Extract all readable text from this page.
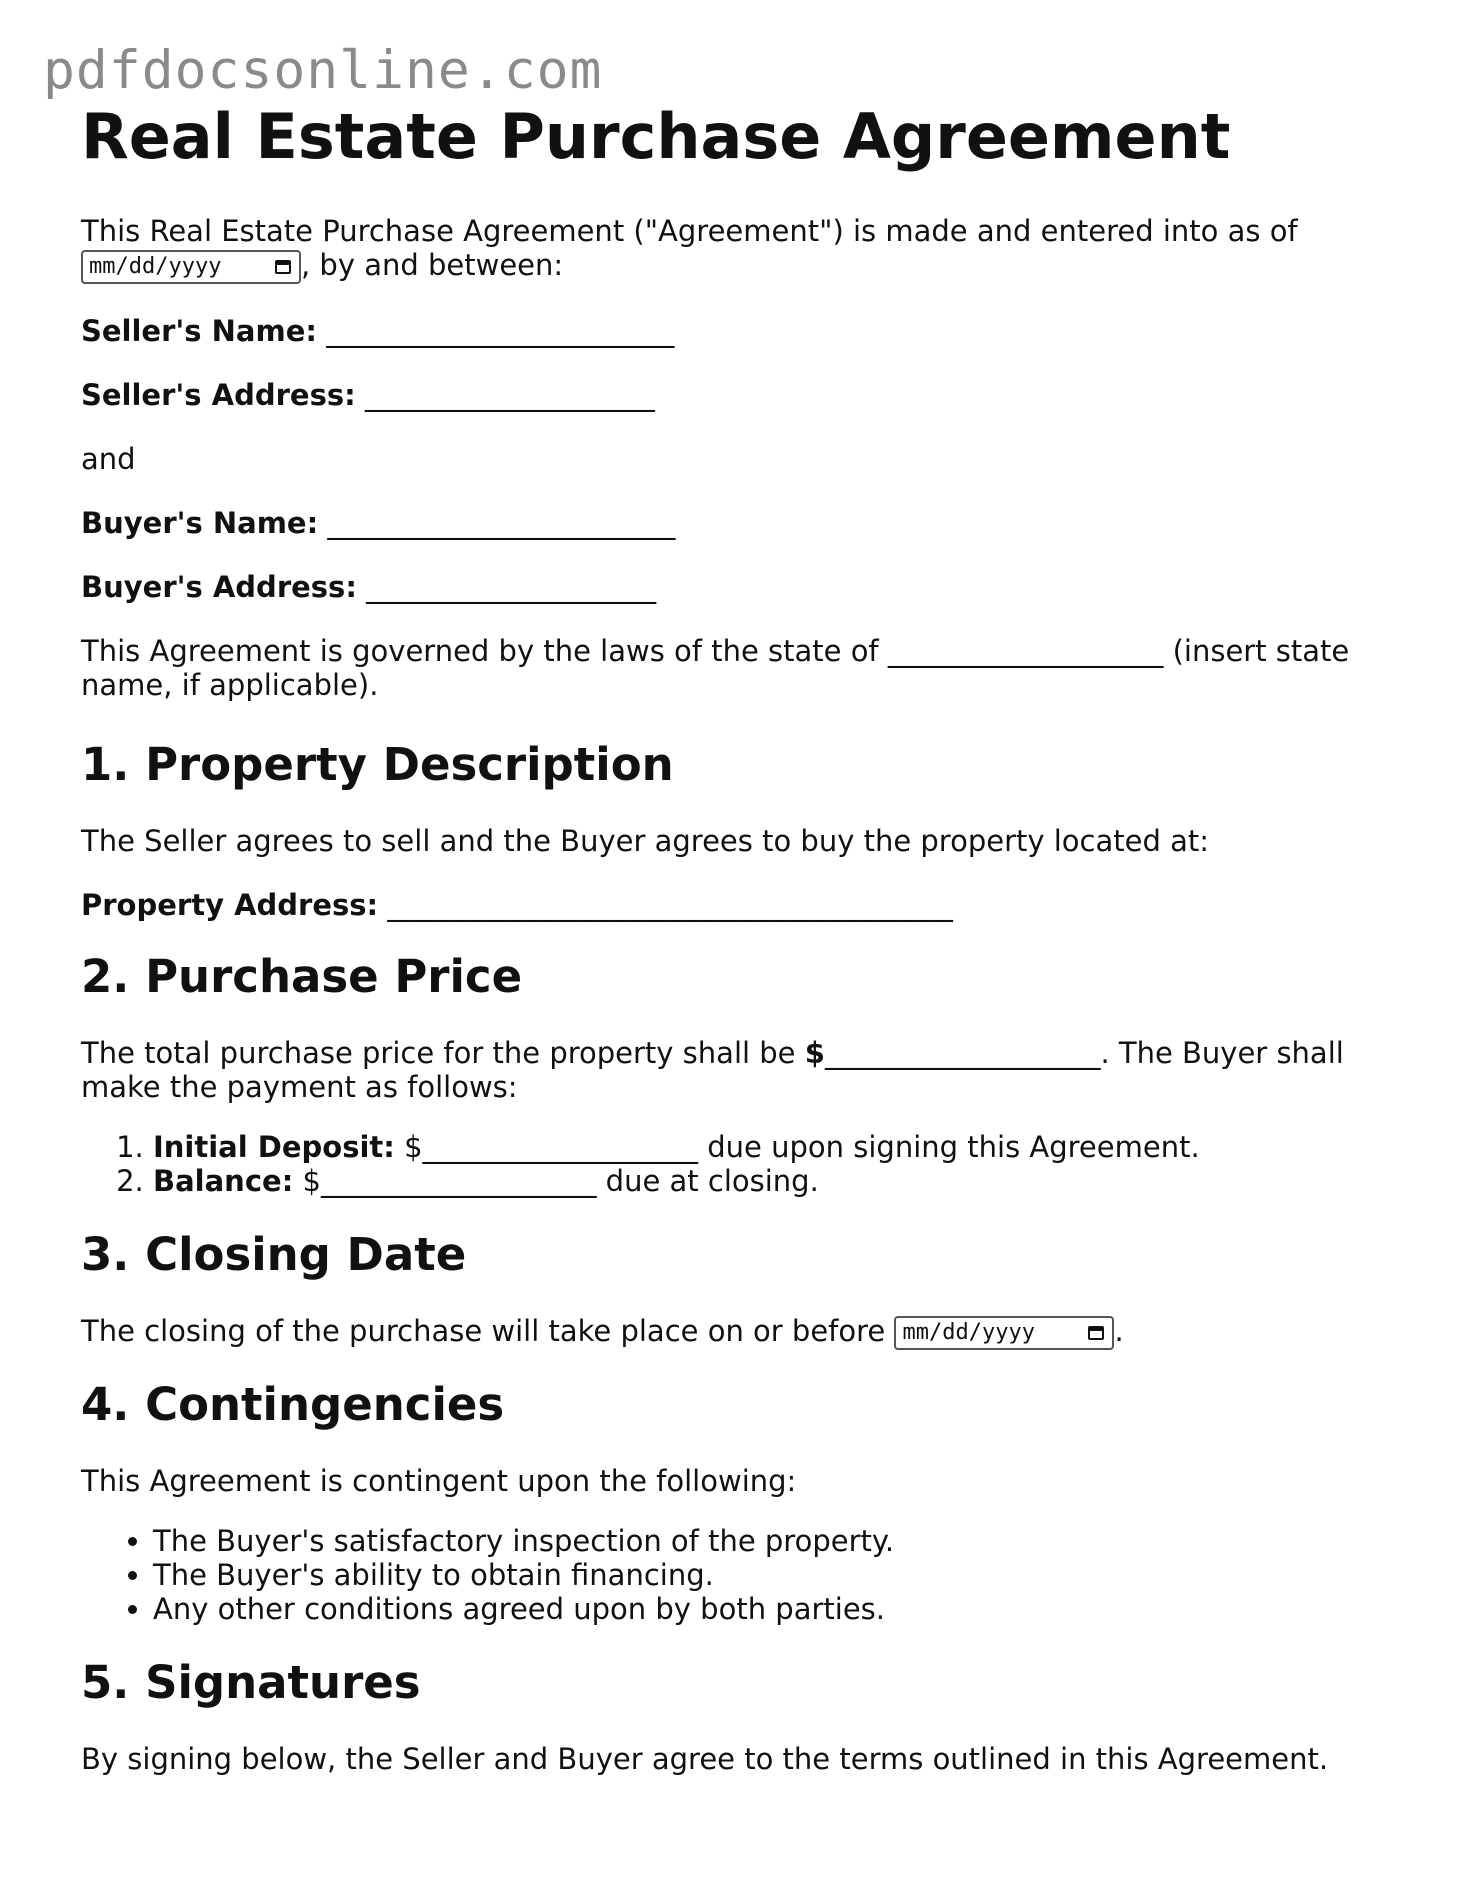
pdfdocsonline.com
Real Estate Purchase Agreement

This Real Estate Purchase Agreement ("Agreement") is made and entered into as of
mm/dd/yyyy	, by and between:

Seller's Name: ________________________
Seller's Address: ____________________

and

Buyer's Name: ________________________
Buyer's Address: ____________________

This Agreement is governed by the laws of the state of ___________________ (insert state name, if applicable).

1. Property Description

The Seller agrees to sell and the Buyer agrees to buy the property located at:

Property Address: _______________________________________
2. Purchase Price

The total purchase price for the property shall be $___________________. The Buyer shall make the payment as follows:

1. Initial Deposit: $___________________ due upon signing this Agreement.
2. Balance: $___________________ due at closing.
3. Closing Date

The closing of the purchase will take place on or before mm/dd/yyyy	.

4. Contingencies

This Agreement is contingent upon the following:

• The Buyer's satisfactory inspection of the property.
• The Buyer's ability to obtain financing.
• Any other conditions agreed upon by both parties.
5. Signatures

By signing below, the Seller and Buyer agree to the terms outlined in this Agreement.
